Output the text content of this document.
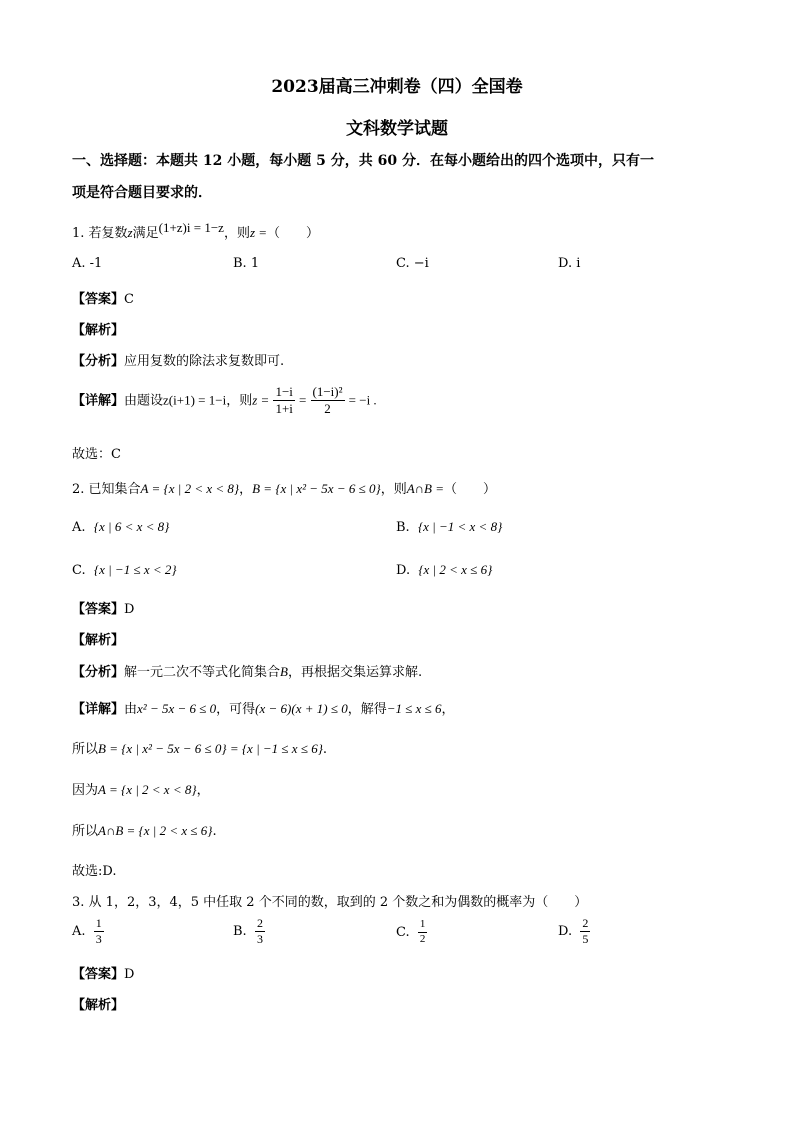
2023届高三冲刺卷（四）全国卷
文科数学试题
一、选择题：本题共 12 小题，每小题 5 分，共 60 分．在每小题给出的四个选项中，只有一
项是符合题目要求的．
1. 若复数z满足(1+z)i = 1−z，则z =（　　）
A. -1	B. 1	C. −i	D. i
【答案】C
【解析】
【分析】应用复数的除法求复数即可.
【详解】由题设z(i+1) = 1−i，则$z = \frac{1-i}{1+i} = \frac{\text{(1−i)²}}{2} = -i$ .
故选：C
2. 已知集合A = {x | 2 < x < 8}，B = {x | x² − 5x − 6 ≤ 0}，则A∩B =（　　）
A. {x | 6 < x < 8}	B. {x | −1 < x < 8}
C. {x | −1 ≤ x < 2}	D. {x | 2 < x ≤ 6}
【答案】D
【解析】
【分析】解一元二次不等式化简集合B，再根据交集运算求解.
【详解】由x² − 5x − 6 ≤ 0，可得(x − 6)(x + 1) ≤ 0，解得−1 ≤ x ≤ 6，
所以B = {x | x² − 5x − 6 ≤ 0} = {x | −1 ≤ x ≤ 6}.
因为A = {x | 2 < x < 8}，
所以A∩B = {x | 2 < x ≤ 6}.
故选:D.
3. 从 1，2，3，4，5 中任取 2 个不同的数，取到的 2 个数之和为偶数的概率为（　　）
A. $\frac{1}{3}$	B. $\frac{2}{3}$	C. $\frac{1}{2}$	D. $\frac{2}{5}$
【答案】D
【解析】
